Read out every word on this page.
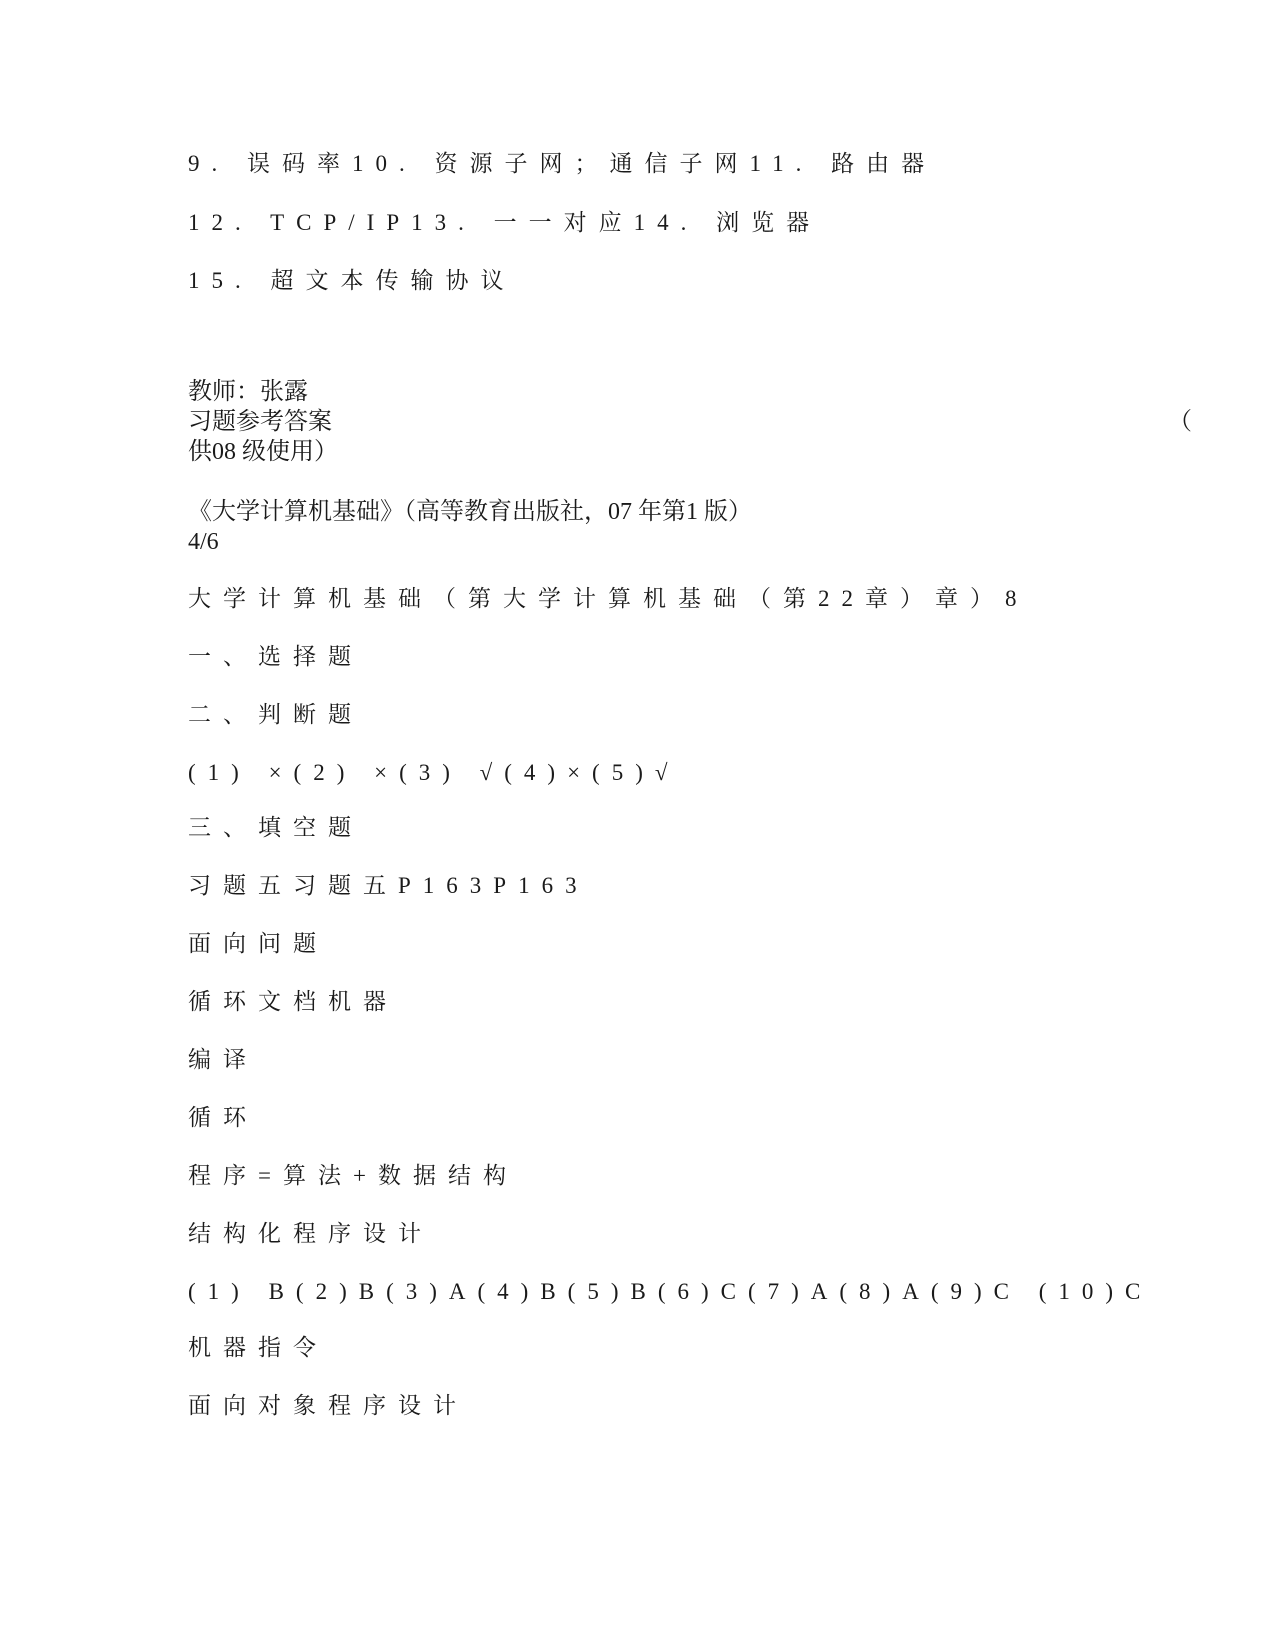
9. 误码率10. 资源子网；通信子网11. 路由器
12. TCP/IP13. 一一对应14. 浏览器
15. 超文本传输协议
教师：张露
习题参考答案	（
供08 级使用）
《大学计算机基础》（高等教育出版社，07 年第1 版）
4/6
大学计算机基础（第大学计算机基础（第22章）章）8
一、选择题
二、判断题
(1) ×(2) ×(3) √(4)×(5)√
三、填空题
习题五习题五P163P163
面向问题
循环文档机器
编译
循环
程序=算法+数据结构
结构化程序设计
(1) B(2)B(3)A(4)B(5)B(6)C(7)A(8)A(9)C (10)C
机器指令
面向对象程序设计
